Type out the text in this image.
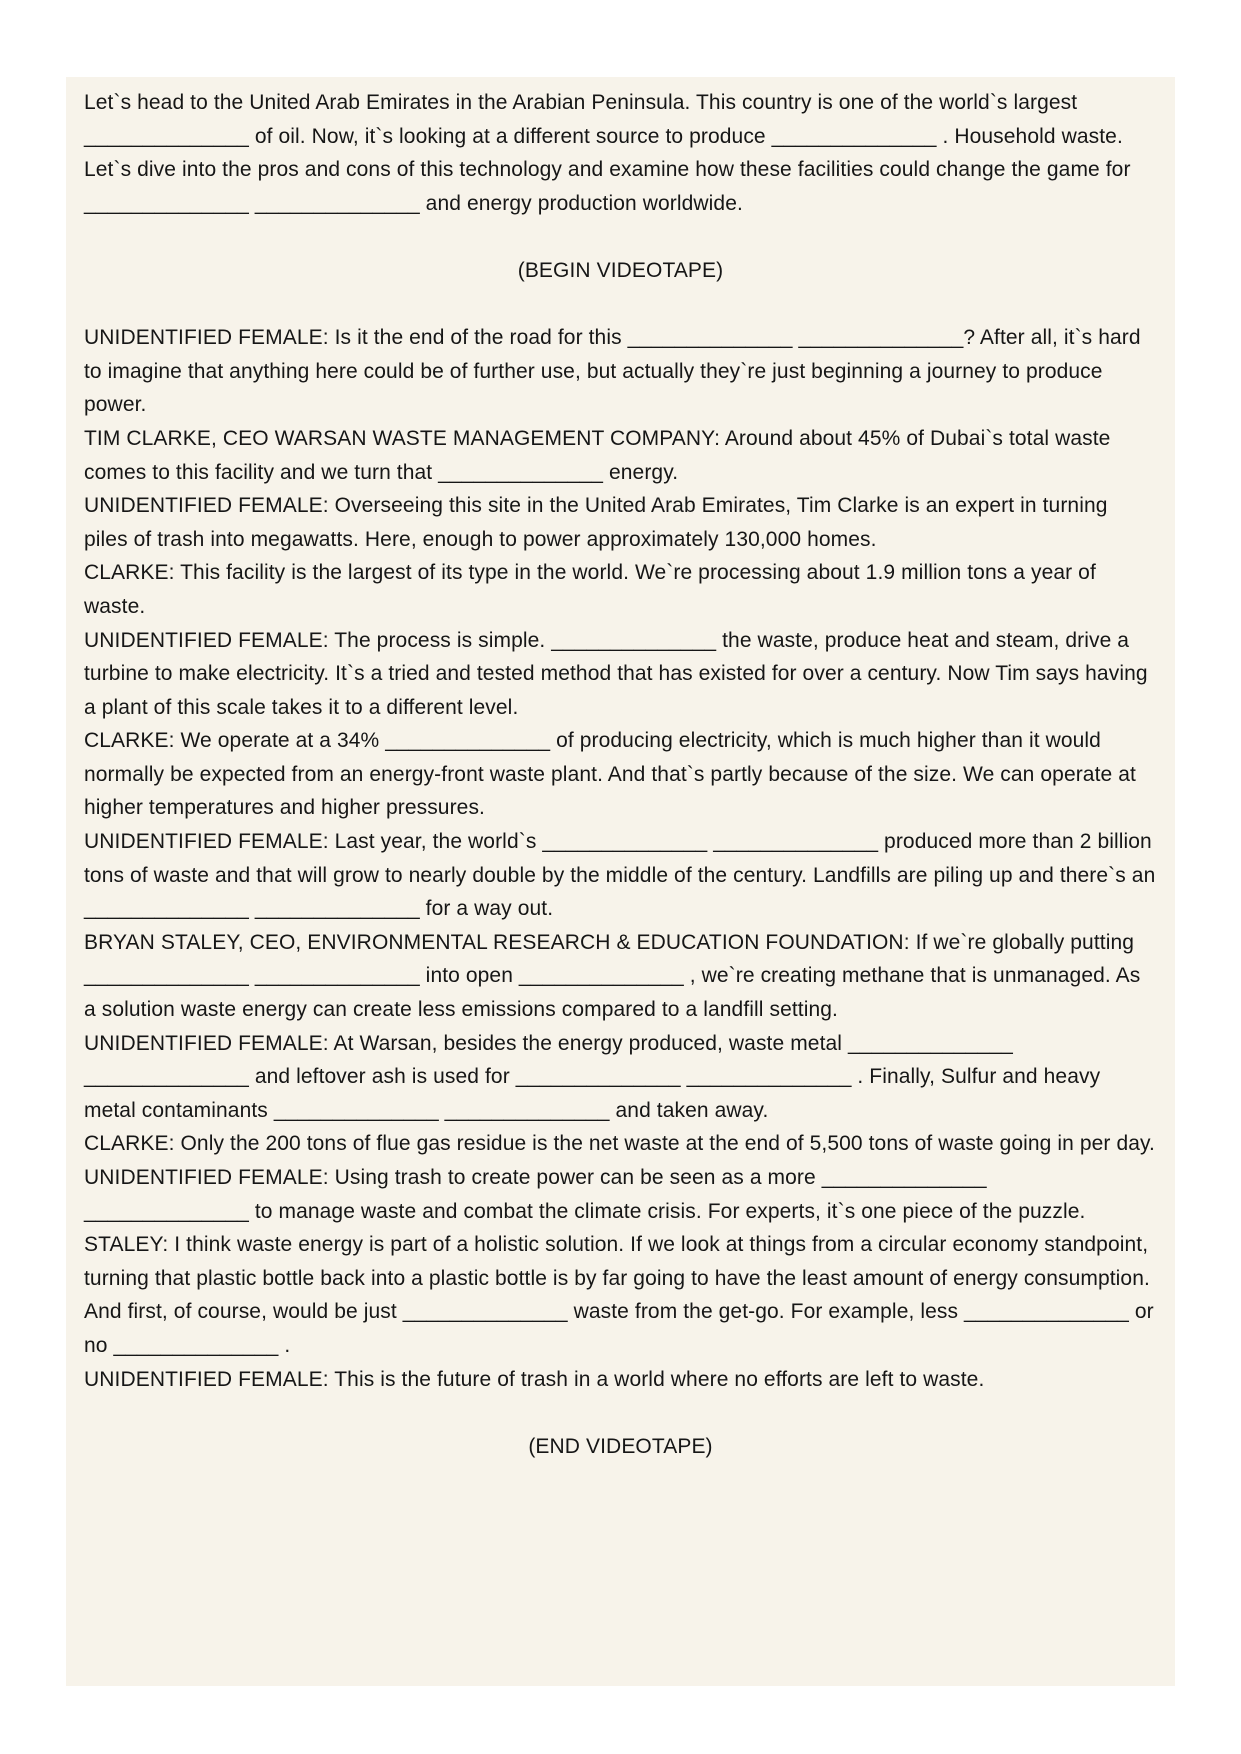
Let`s head to the United Arab Emirates in the Arabian Peninsula. This country is one of the world`s largest ______________ of oil. Now, it`s looking at a different source to produce ______________ . Household waste. Let`s dive into the pros and cons of this technology and examine how these facilities could change the game for ______________ ______________ and energy production worldwide.

(BEGIN VIDEOTAPE)

UNIDENTIFIED FEMALE: Is it the end of the road for this ______________ ______________? After all, it`s hard to imagine that anything here could be of further use, but actually they`re just beginning a journey to produce power.

TIM CLARKE, CEO WARSAN WASTE MANAGEMENT COMPANY: Around about 45% of Dubai`s total waste comes to this facility and we turn that ______________ energy.

UNIDENTIFIED FEMALE: Overseeing this site in the United Arab Emirates, Tim Clarke is an expert in turning piles of trash into megawatts. Here, enough to power approximately 130,000 homes.

CLARKE: This facility is the largest of its type in the world. We`re processing about 1.9 million tons a year of waste.

UNIDENTIFIED FEMALE: The process is simple. ______________ the waste, produce heat and steam, drive a turbine to make electricity. It`s a tried and tested method that has existed for over a century. Now Tim says having a plant of this scale takes it to a different level.

CLARKE: We operate at a 34% ______________ of producing electricity, which is much higher than it would normally be expected from an energy-front waste plant. And that`s partly because of the size. We can operate at higher temperatures and higher pressures.

UNIDENTIFIED FEMALE: Last year, the world`s ______________ ______________ produced more than 2 billion tons of waste and that will grow to nearly double by the middle of the century. Landfills are piling up and there`s an ______________ ______________ for a way out.

BRYAN STALEY, CEO, ENVIRONMENTAL RESEARCH & EDUCATION FOUNDATION: If we`re globally putting ______________ ______________ into open ______________ , we`re creating methane that is unmanaged. As a solution waste energy can create less emissions compared to a landfill setting.

UNIDENTIFIED FEMALE: At Warsan, besides the energy produced, waste metal ______________ ______________ and leftover ash is used for ______________ ______________ . Finally, Sulfur and heavy metal contaminants ______________ ______________ and taken away.

CLARKE: Only the 200 tons of flue gas residue is the net waste at the end of 5,500 tons of waste going in per day.

UNIDENTIFIED FEMALE: Using trash to create power can be seen as a more ______________ ______________ to manage waste and combat the climate crisis. For experts, it`s one piece of the puzzle.

STALEY: I think waste energy is part of a holistic solution. If we look at things from a circular economy standpoint, turning that plastic bottle back into a plastic bottle is by far going to have the least amount of energy consumption. And first, of course, would be just ______________ waste from the get-go. For example, less ______________ or no ______________ .

UNIDENTIFIED FEMALE: This is the future of trash in a world where no efforts are left to waste.

(END VIDEOTAPE)
